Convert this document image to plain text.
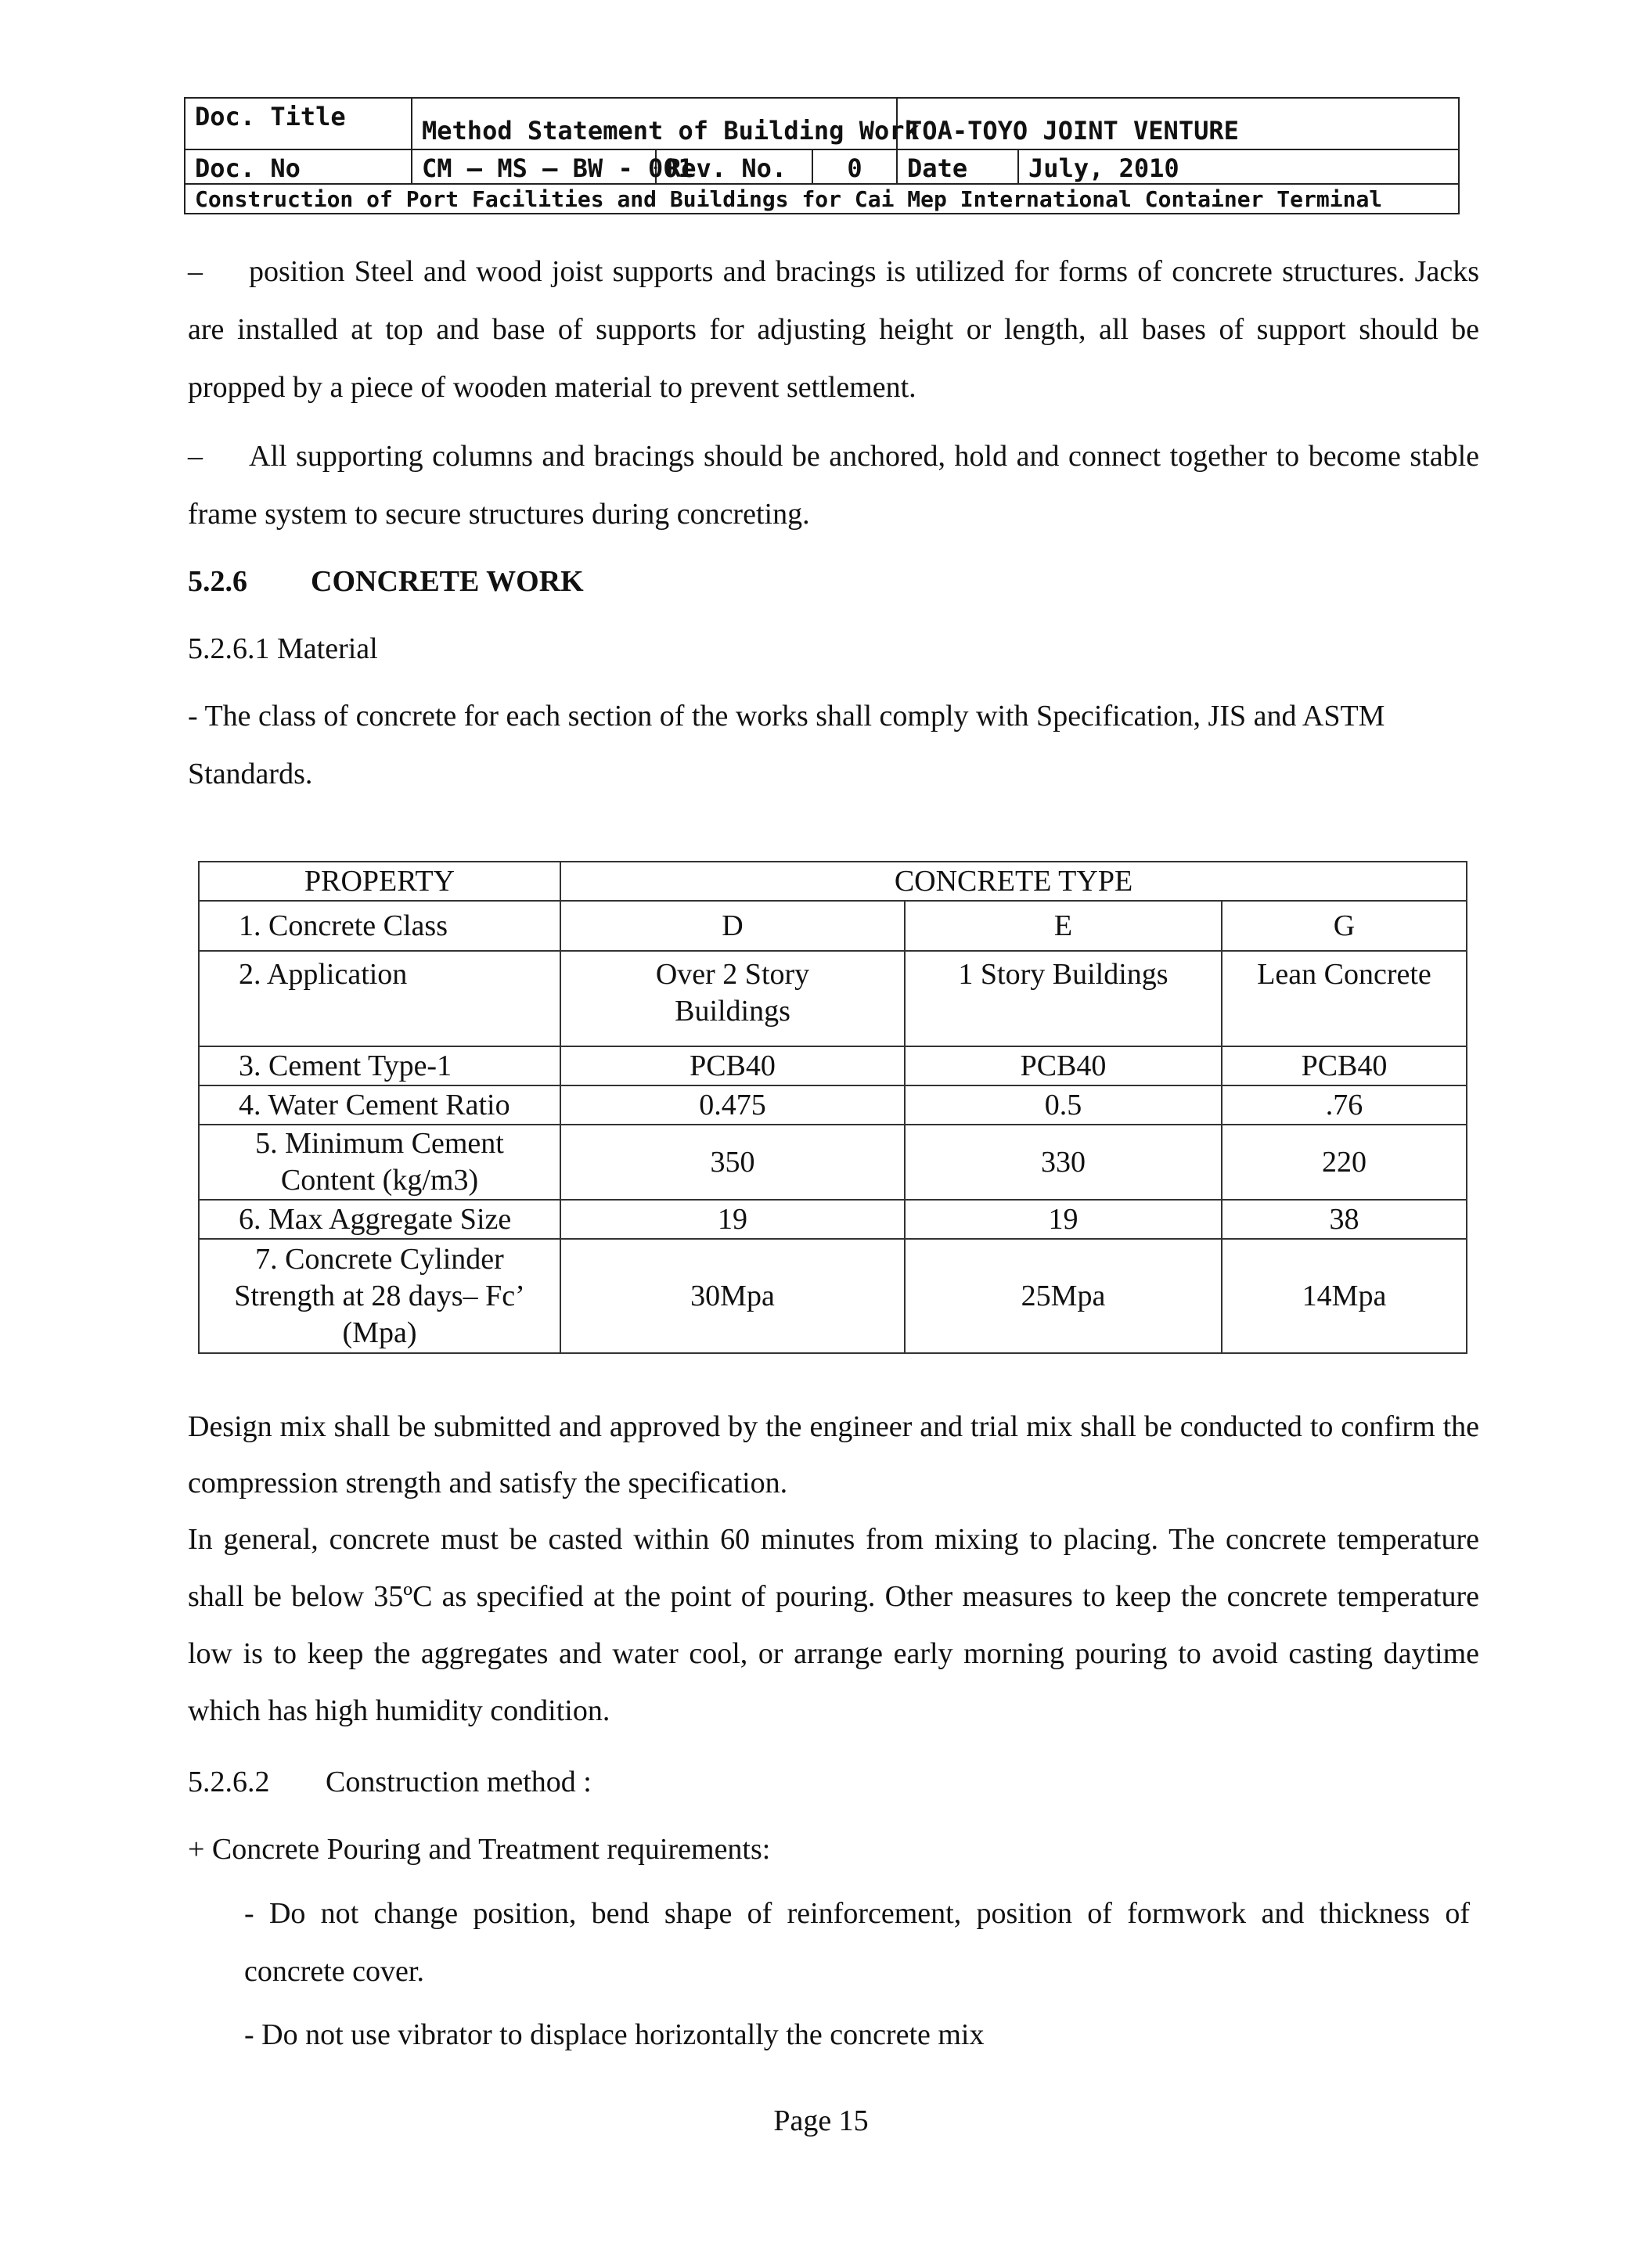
Doc. Title	Method Statement of Building Work			TOA-TOYO JOINT VENTURE	
Doc. No	CM – MS – BW - 001	Rev. No.	0	Date	July, 2010
Construction of Port Facilities and Buildings for Cai Mep International Container Terminal					
– position Steel and wood joist supports and bracings is utilized for forms of concrete structures. Jacks are installed at top and base of supports for adjusting height or length, all bases of support should be propped by a piece of wooden material to prevent settlement.
– All supporting columns and bracings should be anchored, hold and connect together to become stable frame system to secure structures during concreting.
5.2.6 CONCRETE WORK
5.2.6.1 Material
- The class of concrete for each section of the works shall comply with Specification, JIS and ASTM Standards.
PROPERTY	CONCRETE TYPE		
1. Concrete Class	D	E	G
2. Application	Over 2 Story Buildings	1 Story Buildings	Lean Concrete
3. Cement Type-1	PCB40	PCB40	PCB40
4. Water Cement Ratio	0.475	0.5	.76
5. Minimum Cement Content (kg/m3)	350	330	220
6. Max Aggregate Size	19	19	38
7. Concrete Cylinder Strength at 28 days– Fc’ (Mpa)	30Mpa	25Mpa	14Mpa
Design mix shall be submitted and approved by the engineer and trial mix shall be conducted to confirm the compression strength and satisfy the specification.
In general, concrete must be casted within 60 minutes from mixing to placing. The concrete temperature shall be below 35ºC as specified at the point of pouring. Other measures to keep the concrete temperature low is to keep the aggregates and water cool, or arrange early morning pouring to avoid casting daytime which has high humidity condition.
5.2.6.2 Construction method :
+ Concrete Pouring and Treatment requirements:
- Do not change position, bend shape of reinforcement, position of formwork and thickness of concrete cover.
- Do not use vibrator to displace horizontally the concrete mix
Page 15
